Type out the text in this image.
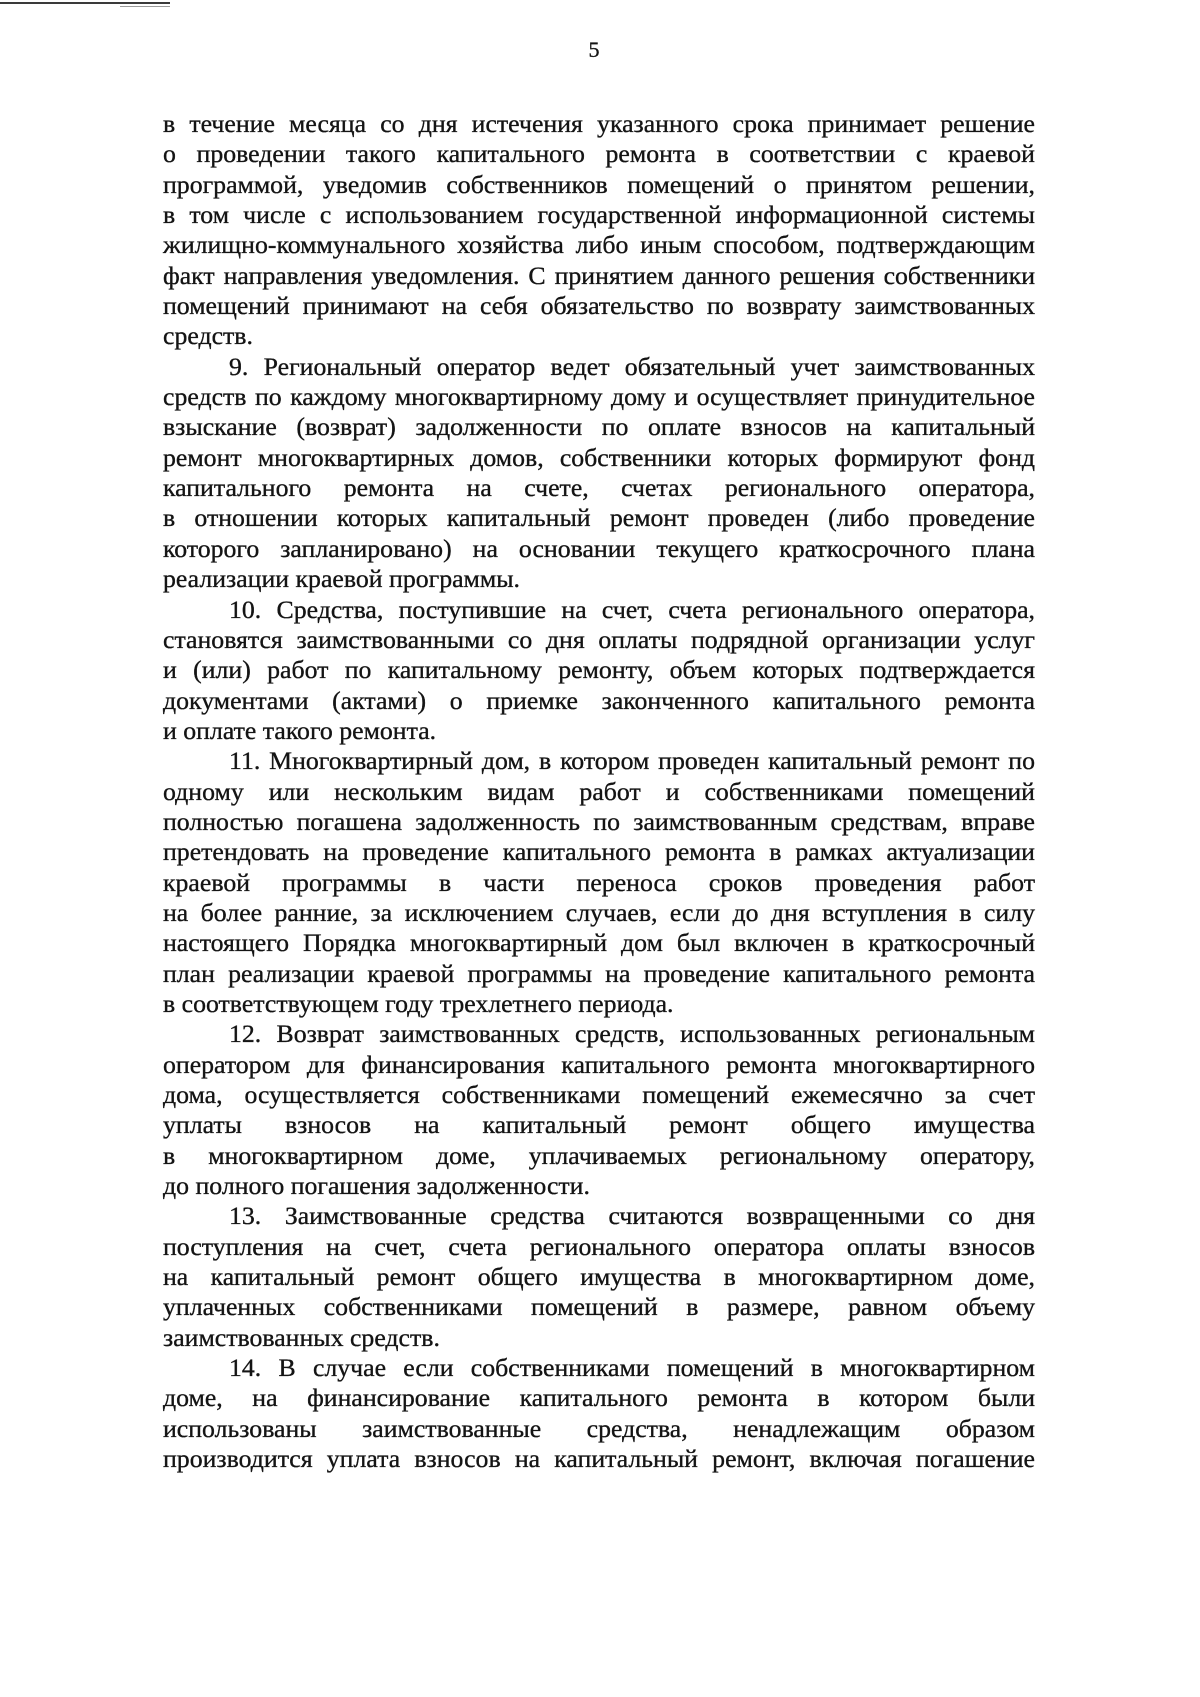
5
в течение месяца со дня истечения указанного срока принимает решение
о проведении такого капитального ремонта в соответствии с краевой
программой, уведомив собственников помещений о принятом решении,
в том числе с использованием государственной информационной системы
жилищно-коммунального хозяйства либо иным способом, подтверждающим
факт направления уведомления. С принятием данного решения собственники
помещений принимают на себя обязательство по возврату заимствованных
средств.
9. Региональный оператор ведет обязательный учет заимствованных
средств по каждому многоквартирному дому и осуществляет принудительное
взыскание (возврат) задолженности по оплате взносов на капитальный
ремонт многоквартирных домов, собственники которых формируют фонд
капитального ремонта на счете, счетах регионального оператора,
в отношении которых капитальный ремонт проведен (либо проведение
которого запланировано) на основании текущего краткосрочного плана
реализации краевой программы.
10. Средства, поступившие на счет, счета регионального оператора,
становятся заимствованными со дня оплаты подрядной организации услуг
и (или) работ по капитальному ремонту, объем которых подтверждается
документами (актами) о приемке законченного капитального ремонта
и оплате такого ремонта.
11. Многоквартирный дом, в котором проведен капитальный ремонт по
одному или нескольким видам работ и собственниками помещений
полностью погашена задолженность по заимствованным средствам, вправе
претендовать на проведение капитального ремонта в рамках актуализации
краевой программы в части переноса сроков проведения работ
на более ранние, за исключением случаев, если до дня вступления в силу
настоящего Порядка многоквартирный дом был включен в краткосрочный
план реализации краевой программы на проведение капитального ремонта
в соответствующем году трехлетнего периода.
12. Возврат заимствованных средств, использованных региональным
оператором для финансирования капитального ремонта многоквартирного
дома, осуществляется собственниками помещений ежемесячно за счет
уплаты взносов на капитальный ремонт общего имущества
в многоквартирном доме, уплачиваемых региональному оператору,
до полного погашения задолженности.
13. Заимствованные средства считаются возвращенными со дня
поступления на счет, счета регионального оператора оплаты взносов
на капитальный ремонт общего имущества в многоквартирном доме,
уплаченных собственниками помещений в размере, равном объему
заимствованных средств.
14. В случае если собственниками помещений в многоквартирном
доме, на финансирование капитального ремонта в котором были
использованы заимствованные средства, ненадлежащим образом
производится уплата взносов на капитальный ремонт, включая погашение
